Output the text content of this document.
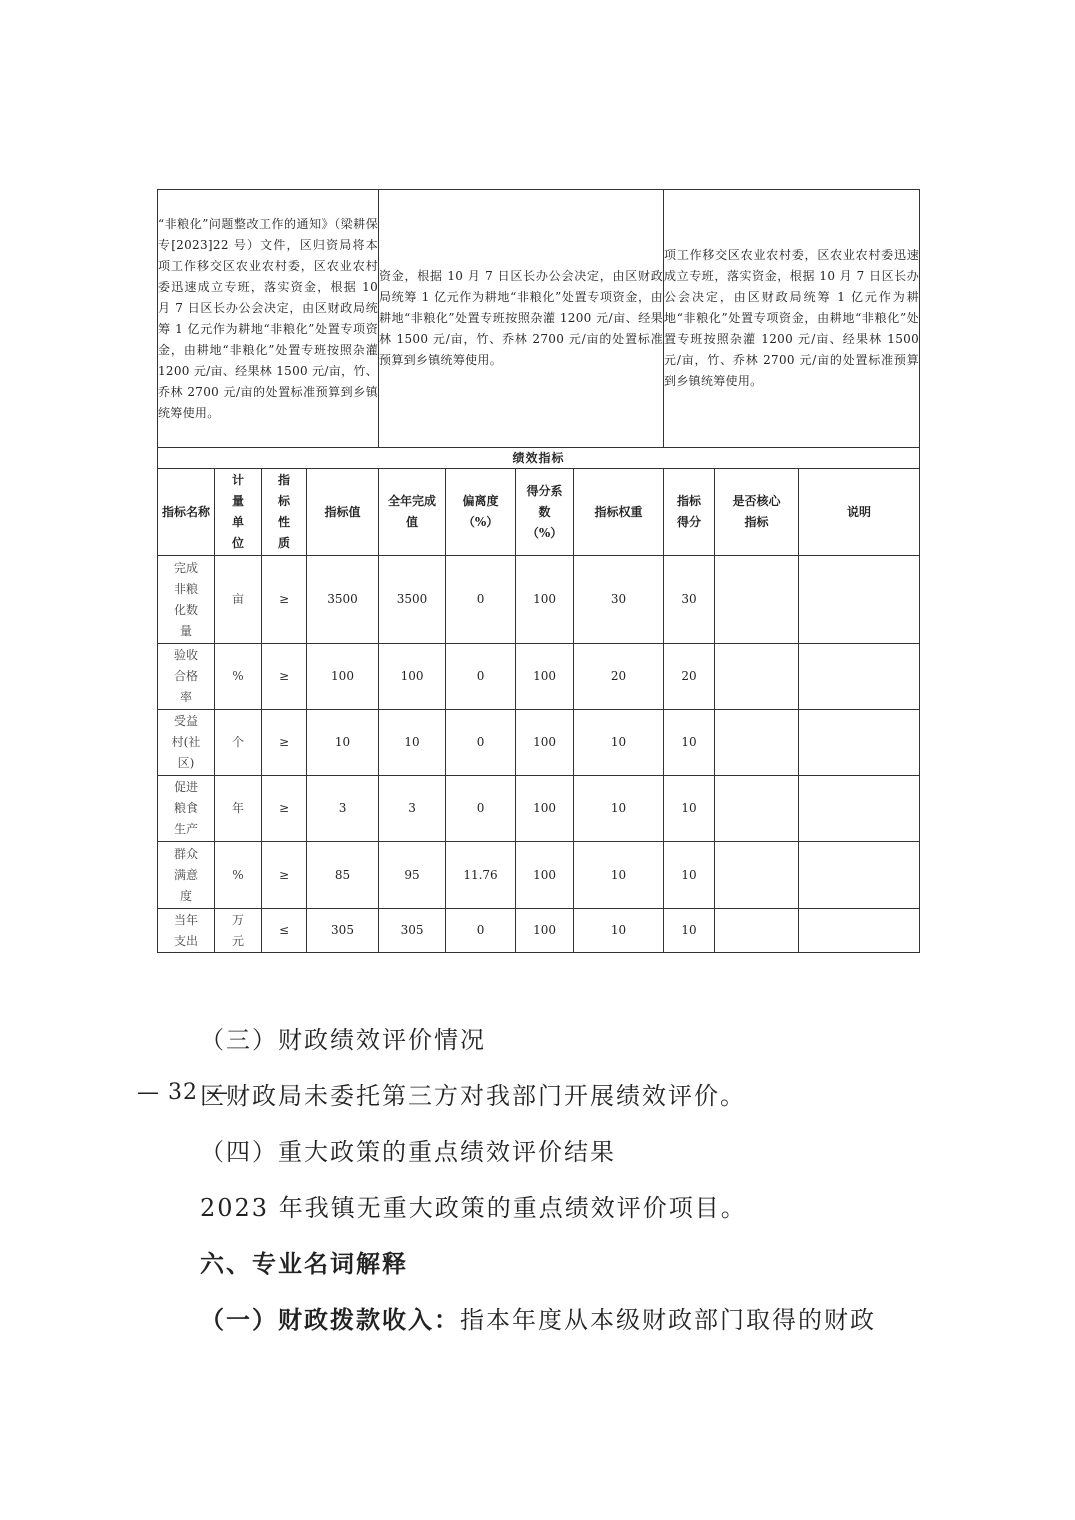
“非粮化”问题整改工作的通知》（梁耕保专[2023]22 号）文件，区归资局将本项工作移交区农业农村委，区农业农村委迅速成立专班，落实资金，根据 10 月 7 日区长办公会决定，由区财政局统筹 1 亿元作为耕地“非粮化”处置专项资金，由耕地“非粮化”处置专班按照杂灌 1200 元/亩、经果林 1500 元/亩，竹、乔林 2700 元/亩的处置标准预算到乡镇统筹使用。				资金，根据 10 月 7 日区长办公会决定，由区财政局统筹 1 亿元作为耕地“非粮化”处置专项资金，由耕地“非粮化”处置专班按照杂灌 1200 元/亩、经果林 1500 元/亩，竹、乔林 2700 元/亩的处置标准预算到乡镇统筹使用。				项工作移交区农业农村委，区农业农村委迅速成立专班，落实资金，根据 10 月 7 日区长办公会决定，由区财政局统筹 1 亿元作为耕地“非粮化”处置专项资金，由耕地“非粮化”处置专班按照杂灌 1200 元/亩、经果林 1500 元/亩，竹、乔林 2700 元/亩的处置标准预算到乡镇统筹使用。		
绩效指标										
指标名称	计量单位	指标性质	指标值	全年完成值	偏离度（%）	得分系数（%）	指标权重	指标得分	是否核心指标	说明
完成非粮化数量	亩	≥	3500	3500	0	100	30	30		
验收合格率	%	≥	100	100	0	100	20	20		
受益村(社区)	个	≥	10	10	0	100	10	10		
促进粮食生产	年	≥	3	3	0	100	10	10		
群众满意度	%	≥	85	95	11.76	100	10	10		
当年支出	万元	≤	305	305	0	100	10	10		
（三）财政绩效评价情况
区财政局未委托第三方对我部门开展绩效评价。
（四）重大政策的重点绩效评价结果
2023 年我镇无重大政策的重点绩效评价项目。
六、专业名词解释
（一）财政拨款收入：指本年度从本级财政部门取得的财政
— 32 —
